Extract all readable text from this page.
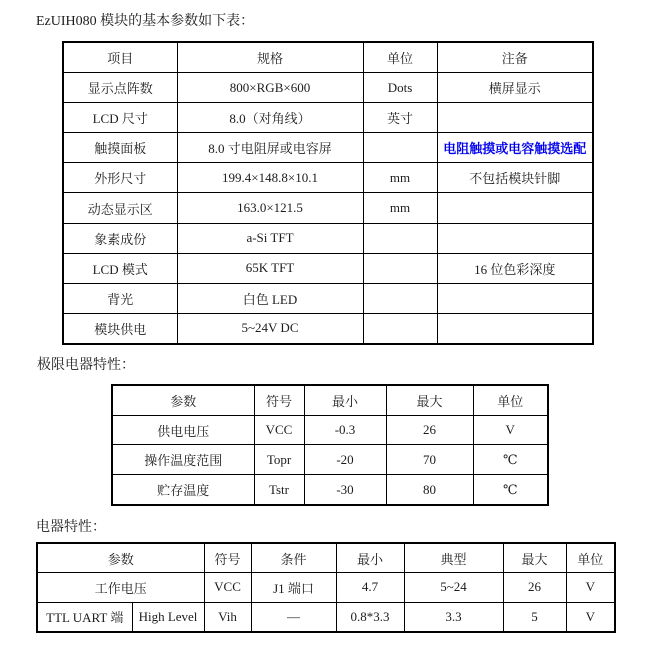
EzUIH080 模块的基本参数如下表：
项目	规格	单位	注备
显示点阵数	800×RGB×600	Dots	横屏显示
LCD 尺寸	8.0（对角线）	英寸	
触摸面板	8.0 寸电阻屏或电容屏		电阻触摸或电容触摸选配
外形尺寸	199.4×148.8×10.1	mm	不包括模块针脚
动态显示区	163.0×121.5	mm	
象素成份	a-Si TFT		
LCD 模式	65K TFT		16 位色彩深度
背光	白色 LED		
模块供电	5~24V DC		
极限电器特性：
参数	符号	最小	最大	单位
供电电压	VCC	-0.3	26	V
操作温度范围	Topr	-20	70	℃
贮存温度	Tstr	-30	80	℃
电器特性：
参数		符号	条件	最小	典型	最大	单位
工作电压		VCC	J1 端口	4.7	5~24	26	V
TTL UART 端	High Level	Vih	—	0.8*3.3	3.3	5	V
